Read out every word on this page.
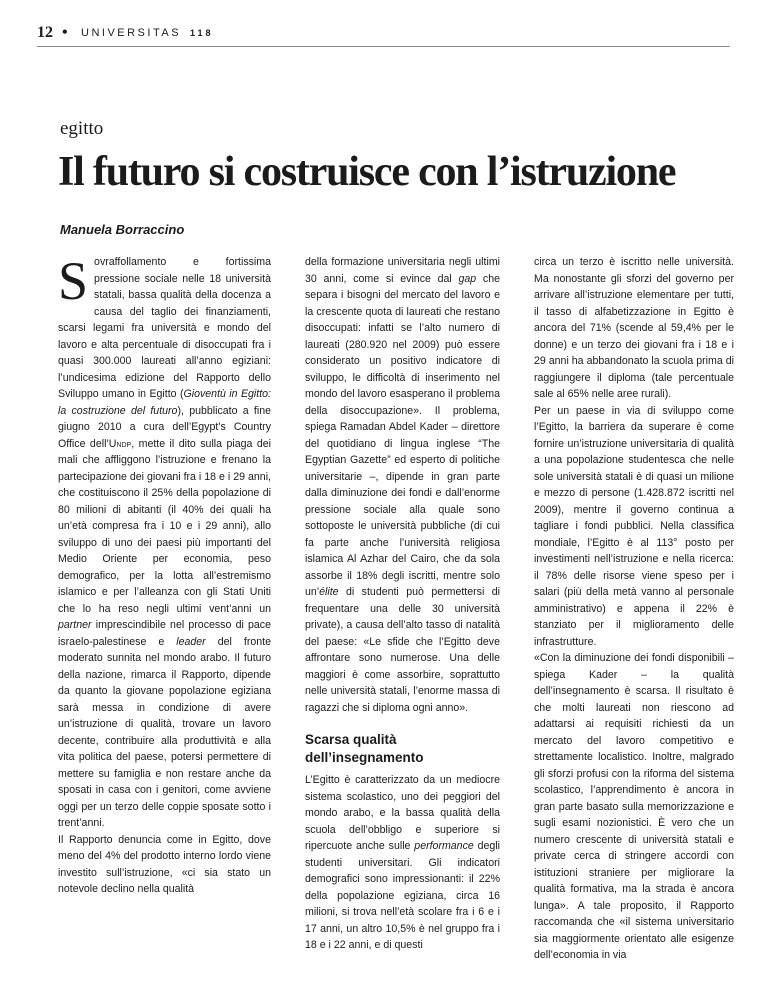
12 • UNIVERSITAS 118
egitto
Il futuro si costruisce con l’istruzione
Manuela Borraccino

Sovraffollamento e fortissima pressione sociale nelle 18 università statali, bassa qualità della docenza a causa del taglio dei finanziamenti, scarsi legami fra università e mondo del lavoro e alta percentuale di disoccupati fra i quasi 300.000 laureati all’anno egiziani: l’undicesima edizione del Rapporto dello Sviluppo umano in Egitto (Gioventù in Egitto: la costruzione del futuro), pubblicato a fine giugno 2010 a cura dell’Egypt’s Country Office dell’Undp, mette il dito sulla piaga dei mali che affliggono l’istruzione e frenano la partecipazione dei giovani fra i 18 e i 29 anni, che costituiscono il 25% della popolazione di 80 milioni di abitanti (il 40% dei quali ha un’età compresa fra i 10 e i 29 anni), allo sviluppo di uno dei paesi più importanti del Medio Oriente per economia, peso demografico, per la lotta all’estremismo islamico e per l’alleanza con gli Stati Uniti che lo ha reso negli ultimi vent’anni un partner imprescindibile nel processo di pace israelo-palestinese e leader del fronte moderato sunnita nel mondo arabo. Il futuro della nazione, rimarca il Rapporto, dipende da quanto la giovane popolazione egiziana sarà messa in condizione di avere un’istruzione di qualità, trovare un lavoro decente, contribuire alla produttività e alla vita politica del paese, potersi permettere di mettere su famiglia e non restare anche da sposati in casa con i genitori, come avviene oggi per un terzo delle coppie sposate sotto i trent’anni.

Il Rapporto denuncia come in Egitto, dove meno del 4% del prodotto interno lordo viene investito sull’istruzione, «ci sia stato un notevole declino nella qualità

della formazione universitaria negli ultimi 30 anni, come si evince dal gap che separa i bisogni del mercato del lavoro e la crescente quota di laureati che restano disoccupati: infatti se l’alto numero di laureati (280.920 nel 2009) può essere considerato un positivo indicatore di sviluppo, le difficoltà di inserimento nel mondo del lavoro esasperano il problema della disoccupazione». Il problema, spiega Ramadan Abdel Kader – direttore del quotidiano di lingua inglese “The Egyptian Gazette” ed esperto di politiche universitarie –, dipende in gran parte dalla diminuzione dei fondi e dall’enorme pressione sociale alla quale sono sottoposte le università pubbliche (di cui fa parte anche l’università religiosa islamica Al Azhar del Cairo, che da sola assorbe il 18% degli iscritti, mentre solo un’élite di studenti può permettersi di frequentare una delle 30 università private), a causa dell’alto tasso di natalità del paese: «Le sfide che l’Egitto deve affrontare sono numerose. Una delle maggiori è come assorbire, soprattutto nelle università statali, l’enorme massa di ragazzi che si diploma ogni anno».

Scarsa qualità dell’insegnamento

L’Egitto è caratterizzato da un mediocre sistema scolastico, uno dei peggiori del mondo arabo, e la bassa qualità della scuola dell’obbligo e superiore si ripercuote anche sulle performance degli studenti universitari. Gli indicatori demografici sono impressionanti: il 22% della popolazione egiziana, circa 16 milioni, si trova nell’età scolare fra i 6 e i 17 anni, un altro 10,5% è nel gruppo fra i 18 e i 22 anni, e di questi

circa un terzo è iscritto nelle università. Ma nonostante gli sforzi del governo per arrivare all’istruzione elementare per tutti, il tasso di alfabetizzazione in Egitto è ancora del 71% (scende al 59,4% per le donne) e un terzo dei giovani fra i 18 e i 29 anni ha abbandonato la scuola prima di raggiungere il diploma (tale percentuale sale al 65% nelle aree rurali).

Per un paese in via di sviluppo come l’Egitto, la barriera da superare è come fornire un’istruzione universitaria di qualità a una popolazione studentesca che nelle sole università statali è di quasi un milione e mezzo di persone (1.428.872 iscritti nel 2009), mentre il governo continua a tagliare i fondi pubblici. Nella classifica mondiale, l’Egitto è al 113° posto per investimenti nell’istruzione e nella ricerca: il 78% delle risorse viene speso per i salari (più della metà vanno al personale amministrativo) e appena il 22% è stanziato per il miglioramento delle infrastrutture.

«Con la diminuzione dei fondi disponibili – spiega Kader – la qualità dell’insegnamento è scarsa. Il risultato è che molti laureati non riescono ad adattarsi ai requisiti richiesti da un mercato del lavoro competitivo e strettamente localistico. Inoltre, malgrado gli sforzi profusi con la riforma del sistema scolastico, l’apprendimento è ancora in gran parte basato sulla memorizzazione e sugli esami nozionistici. È vero che un numero crescente di università statali e private cerca di stringere accordi con istituzioni straniere per migliorare la qualità formativa, ma la strada è ancora lunga». A tale proposito, il Rapporto raccomanda che «il sistema universitario sia maggiormente orientato alle esigenze dell’economia in via
